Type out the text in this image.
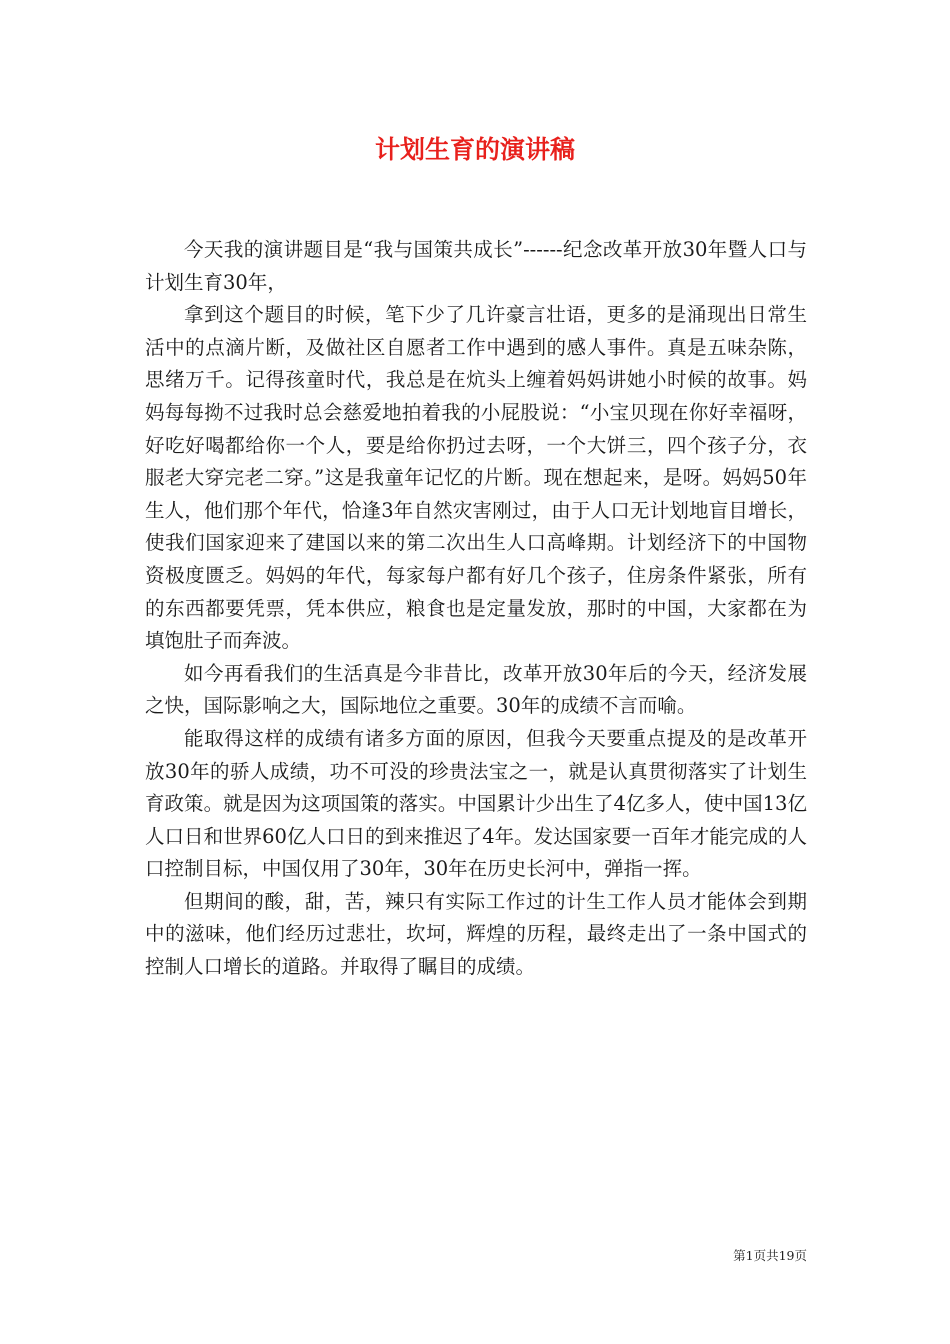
计划生育的演讲稿

今天我的演讲题目是“我与国策共成长”------纪念改革开放30年暨人口与计划生育30年，

拿到这个题目的时候，笔下少了几许豪言壮语，更多的是涌现出日常生活中的点滴片断，及做社区自愿者工作中遇到的感人事件。真是五味杂陈，思绪万千。记得孩童时代，我总是在炕头上缠着妈妈讲她小时候的故事。妈妈每每拗不过我时总会慈爱地拍着我的小屁股说：“小宝贝现在你好幸福呀，好吃好喝都给你一个人，要是给你扔过去呀，一个大饼三，四个孩子分，衣服老大穿完老二穿。”这是我童年记忆的片断。现在想起来，是呀。妈妈50年生人，他们那个年代，恰逢3年自然灾害刚过，由于人口无计划地盲目增长，使我们国家迎来了建国以来的第二次出生人口高峰期。计划经济下的中国物资极度匮乏。妈妈的年代，每家每户都有好几个孩子，住房条件紧张，所有的东西都要凭票，凭本供应，粮食也是定量发放，那时的中国，大家都在为填饱肚子而奔波。

如今再看我们的生活真是今非昔比，改革开放30年后的今天，经济发展之快，国际影响之大，国际地位之重要。30年的成绩不言而喻。

能取得这样的成绩有诸多方面的原因，但我今天要重点提及的是改革开放30年的骄人成绩，功不可没的珍贵法宝之一，就是认真贯彻落实了计划生育政策。就是因为这项国策的落实。中国累计少出生了4亿多人，使中国13亿人口日和世界60亿人口日的到来推迟了4年。发达国家要一百年才能完成的人口控制目标，中国仅用了30年，30年在历史长河中，弹指一挥。

但期间的酸，甜，苦，辣只有实际工作过的计生工作人员才能体会到期中的滋味，他们经历过悲壮，坎坷，辉煌的历程，最终走出了一条中国式的控制人口增长的道路。并取得了瞩目的成绩。

第1页共19页
